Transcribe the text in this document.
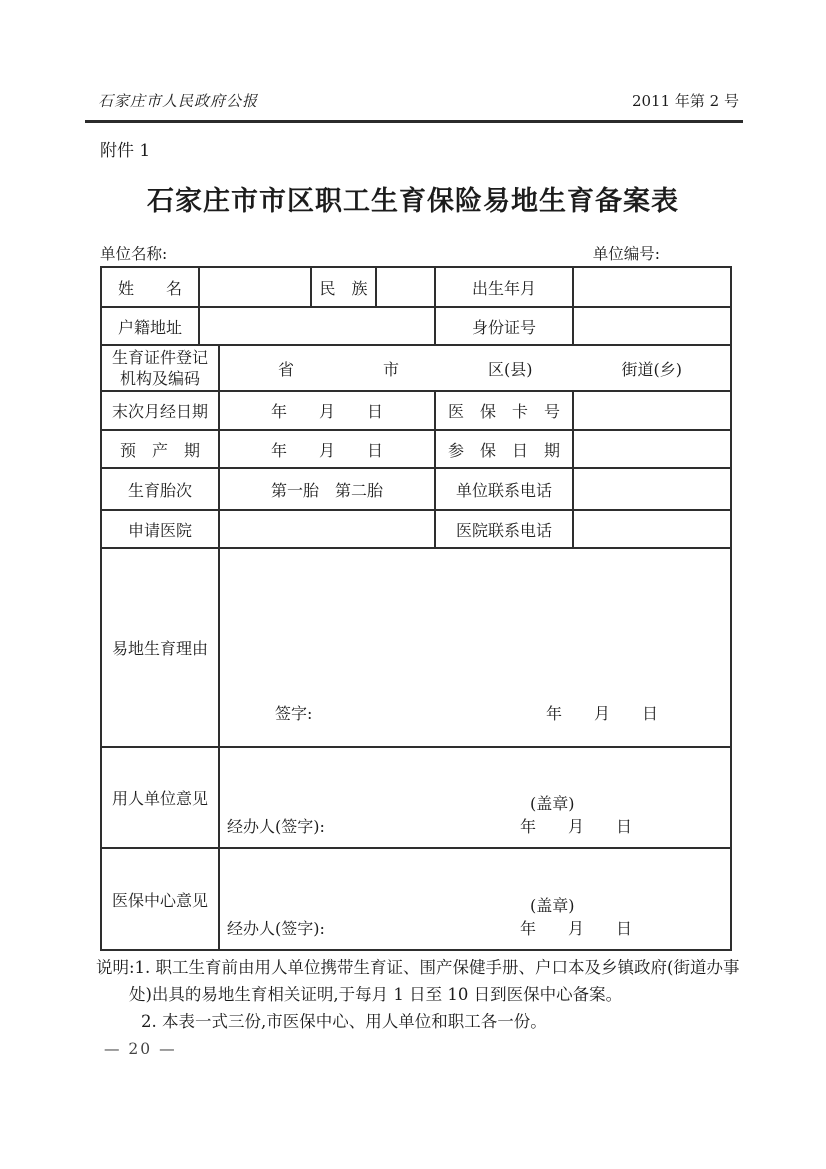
石家庄市人民政府公报	2011 年第 2 号
附件 1
石家庄市市区职工生育保险易地生育备案表
单位名称:	单位编号:
姓　　名			民　族		出生年月	
户籍地址					身份证号	

生育证件登记
机构及编码	省	市	区(县)	街道(乡)

末次月经日期		年　　月　　日			医　保　卡　号	
预　产　期		年　　月　　日			参　保　日　期	
生育胎次		第一胎　第二胎			单位联系电话	
申请医院					医院联系电话	
易地生育理由		签字: 年　　月　　日				

用人单位意见		(盖章)
经办人(签字): 年　　月　　日				

医保中心意见		(盖章)
经办人(签字): 年　　月　　日				
说明:1. 职工生育前由用人单位携带生育证、围产保健手册、户口本及乡镇政府(街道办事处)出具的易地生育相关证明,于每月 1 日至 10 日到医保中心备案。
2. 本表一式三份,市医保中心、用人单位和职工各一份。
— 20 —
